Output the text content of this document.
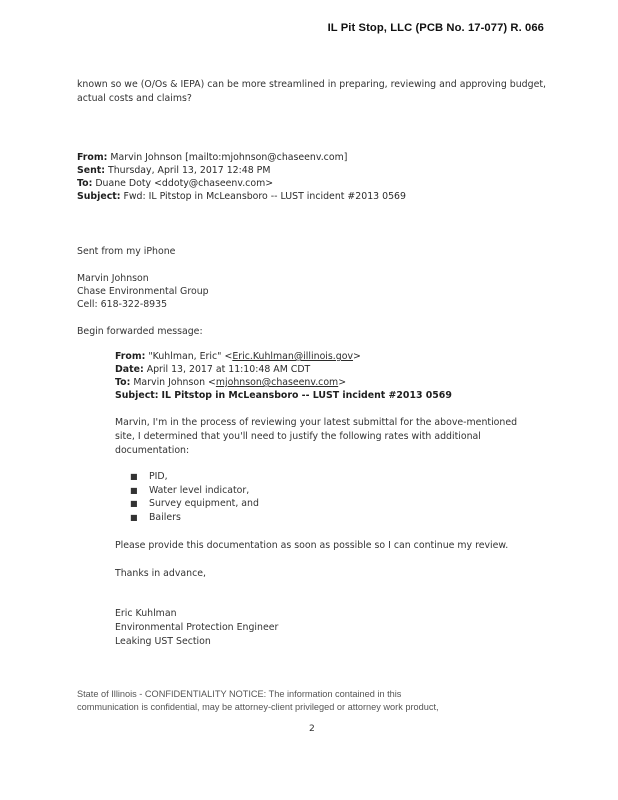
IL Pit Stop, LLC (PCB No. 17-077) R. 066
known so we (O/Os & IEPA) can be more streamlined in preparing, reviewing and approving budget,
actual costs and claims?
From: Marvin Johnson [mailto:mjohnson@chaseenv.com]
Sent: Thursday, April 13, 2017 12:48 PM
To: Duane Doty <ddoty@chaseenv.com>
Subject: Fwd: IL Pitstop in McLeansboro -- LUST incident #2013 0569
Sent from my iPhone
Marvin Johnson
Chase Environmental Group
Cell: 618-322-8935
Begin forwarded message:
From: "Kuhlman, Eric" <Eric.Kuhlman@illinois.gov>
Date: April 13, 2017 at 11:10:48 AM CDT
To: Marvin Johnson <mjohnson@chaseenv.com>
Subject: IL Pitstop in McLeansboro -- LUST incident #2013 0569
Marvin, I'm in the process of reviewing your latest submittal for the above-mentioned
site, I determined that you'll need to justify the following rates with additional
documentation:
■ PID,
■ Water level indicator,
■ Survey equipment, and
■ Bailers
Please provide this documentation as soon as possible so I can continue my review.
Thanks in advance,
Eric Kuhlman
Environmental Protection Engineer
Leaking UST Section
State of Illinois - CONFIDENTIALITY NOTICE: The information contained in this
communication is confidential, may be attorney-client privileged or attorney work product,
2
